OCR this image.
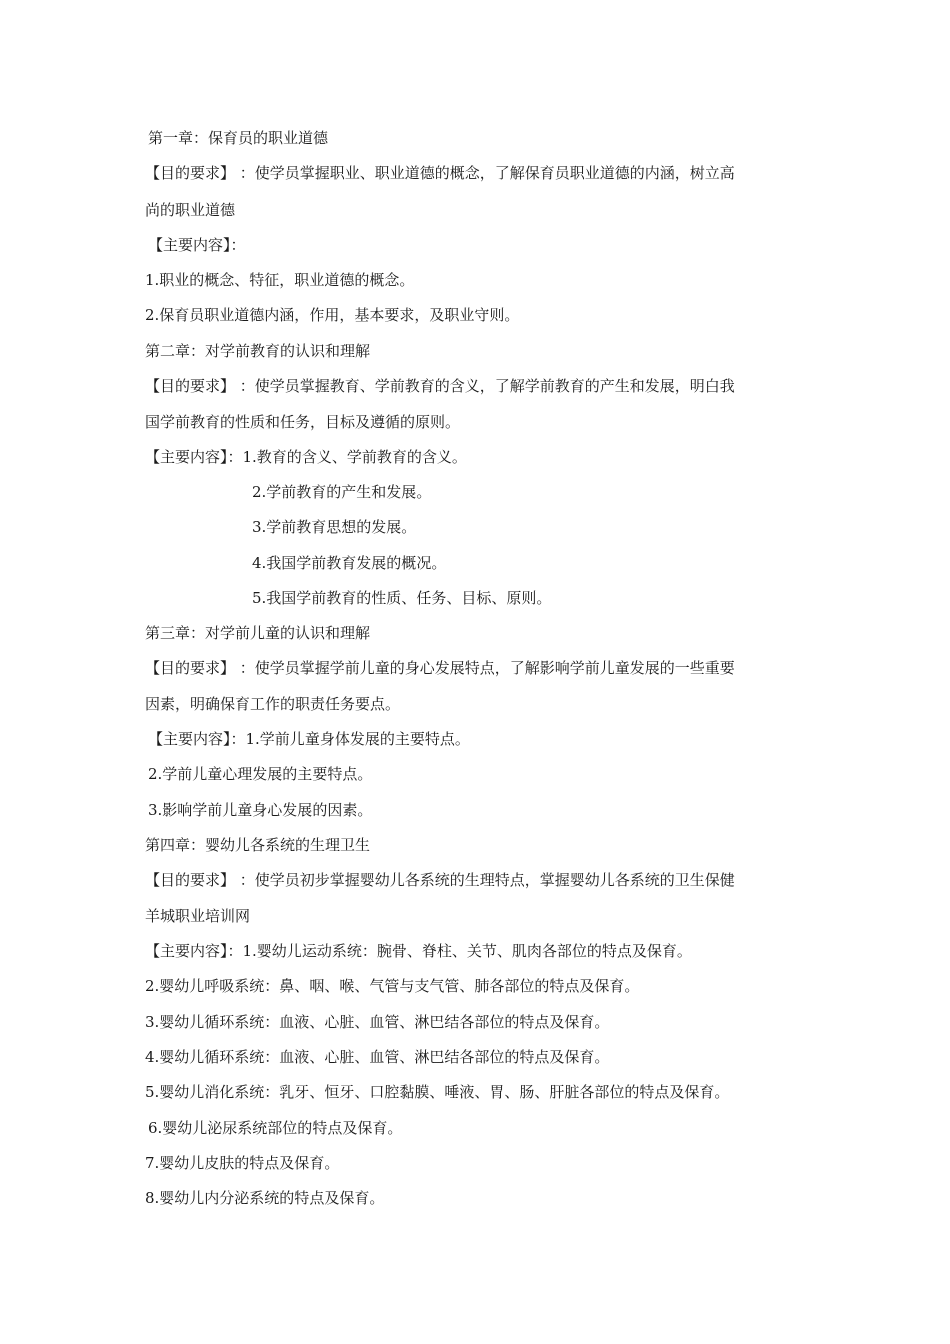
第一章：保育员的职业道德
【目的要求】 ：使学员掌握职业、职业道德的概念，了解保育员职业道德的内涵，树立高
尚的职业道德
【主要内容】：
1.职业的概念、特征，职业道德的概念。
2.保育员职业道德内涵，作用，基本要求，及职业守则。
第二章：对学前教育的认识和理解
【目的要求】 ：使学员掌握教育、学前教育的含义，了解学前教育的产生和发展，明白我
国学前教育的性质和任务，目标及遵循的原则。
【主要内容】：1.教育的含义、学前教育的含义。
2.学前教育的产生和发展。
3.学前教育思想的发展。
4.我国学前教育发展的概况。
5.我国学前教育的性质、任务、目标、原则。
第三章：对学前儿童的认识和理解
【目的要求】 ：使学员掌握学前儿童的身心发展特点，了解影响学前儿童发展的一些重要
因素，明确保育工作的职责任务要点。
【主要内容】：1.学前儿童身体发展的主要特点。
2.学前儿童心理发展的主要特点。
3.影响学前儿童身心发展的因素。
第四章：婴幼儿各系统的生理卫生
【目的要求】 ：使学员初步掌握婴幼儿各系统的生理特点，掌握婴幼儿各系统的卫生保健
羊城职业培训网
【主要内容】：1.婴幼儿运动系统：腕骨、脊柱、关节、肌肉各部位的特点及保育。
2.婴幼儿呼吸系统：鼻、咽、喉、气管与支气管、肺各部位的特点及保育。
3.婴幼儿循环系统：血液、心脏、血管、淋巴结各部位的特点及保育。
4.婴幼儿循环系统：血液、心脏、血管、淋巴结各部位的特点及保育。
5.婴幼儿消化系统：乳牙、恒牙、口腔黏膜、唾液、胃、肠、肝脏各部位的特点及保育。
6.婴幼儿泌尿系统部位的特点及保育。
7.婴幼儿皮肤的特点及保育。
8.婴幼儿内分泌系统的特点及保育。
